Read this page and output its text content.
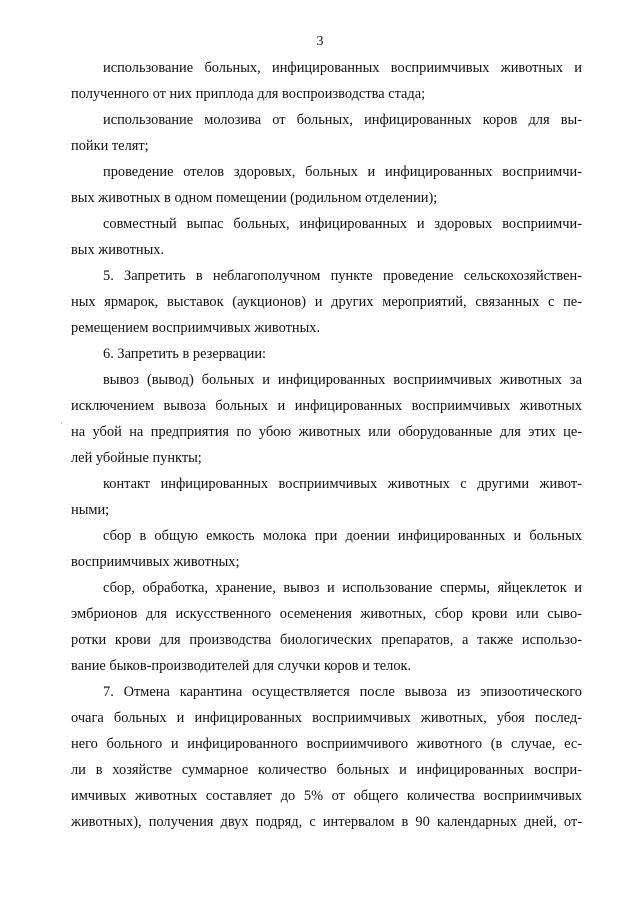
3
·
использование больных, инфицированных восприимчивых животных и
полученного от них приплода для воспроизводства стада;
использование молозива от больных, инфицированных коров для вы-
пойки телят;
проведение отелов здоровых, больных и инфицированных восприимчи-
вых животных в одном помещении (родильном отделении);
совместный выпас больных, инфицированных и здоровых восприимчи-
вых животных.
5. Запретить в неблагополучном пункте проведение сельскохозяйствен-
ных ярмарок, выставок (аукционов) и других мероприятий, связанных с пе-
ремещением восприимчивых животных.
6. Запретить в резервации:
вывоз (вывод) больных и инфицированных восприимчивых животных за
исключением вывоза больных и инфицированных восприимчивых животных
на убой на предприятия по убою животных или оборудованные для этих це-
лей убойные пункты;
контакт инфицированных восприимчивых животных с другими живот-
ными;
сбор в общую емкость молока при доении инфицированных и больных
восприимчивых животных;
сбор, обработка, хранение, вывоз и использование спермы, яйцеклеток и
эмбрионов для искусственного осеменения животных, сбор крови или сыво-
ротки крови для производства биологических препаратов, а также использо-
вание быков-производителей для случки коров и телок.
7. Отмена карантина осуществляется после вывоза из эпизоотического
очага больных и инфицированных восприимчивых животных, убоя послед-
него больного и инфицированного восприимчивого животного (в случае, ес-
ли в хозяйстве суммарное количество больных и инфицированных воспри-
имчивых животных составляет до 5% от общего количества восприимчивых
животных), получения двух подряд, с интервалом в 90 календарных дней, от-
